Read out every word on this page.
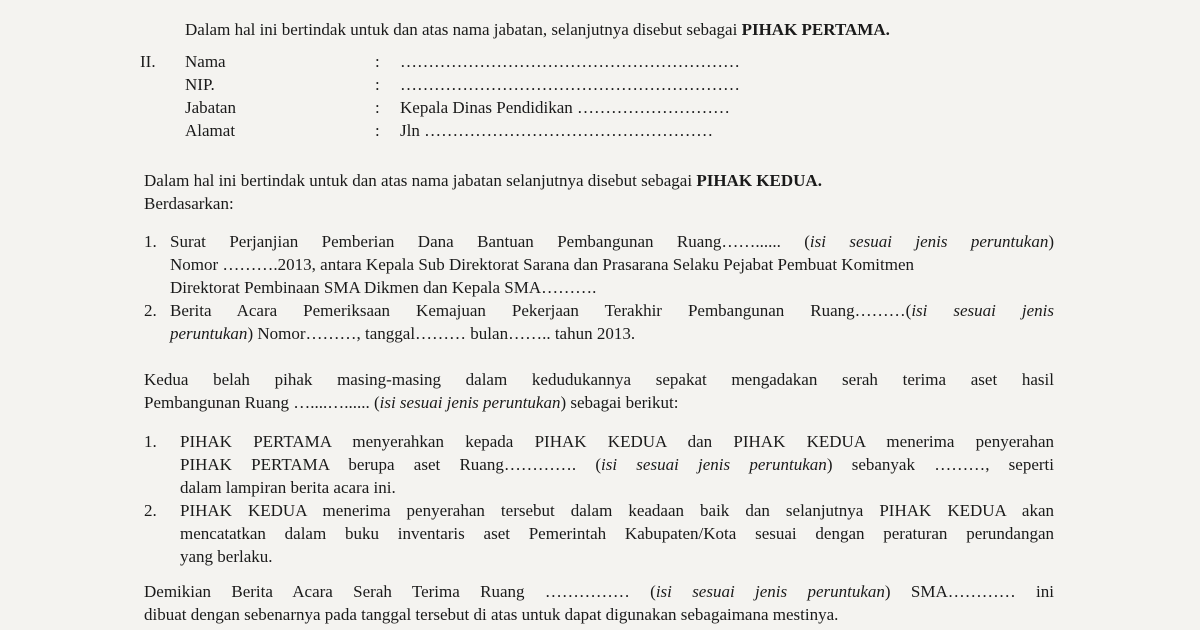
Dalam hal ini bertindak untuk dan atas nama jabatan, selanjutnya disebut sebagai PIHAK PERTAMA.
II. Nama	: ……………………………………………………
NIP.	: ……………………………………………………
Jabatan	: Kepala Dinas Pendidikan ………………………
Alamat	: Jln ……………………………………………
Dalam hal ini bertindak untuk dan atas nama jabatan selanjutnya disebut sebagai PIHAK KEDUA.
Berdasarkan:
1. Surat Perjanjian Pemberian Dana Bantuan Pembangunan Ruang……...... (isi sesuai jenis peruntukan)
Nomor ……….2013, antara Kepala Sub Direktorat Sarana dan Prasarana Selaku Pejabat Pembuat Komitmen
Direktorat Pembinaan SMA Dikmen dan Kepala SMA……….
2. Berita Acara Pemeriksaan Kemajuan Pekerjaan Terakhir Pembangunan Ruang………(isi sesuai jenis
peruntukan) Nomor………, tanggal……… bulan…….. tahun 2013.
Kedua belah pihak masing-masing dalam kedudukannya sepakat mengadakan serah terima aset hasil
Pembangunan Ruang …....…...... (isi sesuai jenis peruntukan) sebagai berikut:
1. PIHAK PERTAMA menyerahkan kepada PIHAK KEDUA dan PIHAK KEDUA menerima penyerahan
PIHAK PERTAMA berupa aset Ruang…………. (isi sesuai jenis peruntukan) sebanyak ………, seperti
dalam lampiran berita acara ini.
2. PIHAK KEDUA menerima penyerahan tersebut dalam keadaan baik dan selanjutnya PIHAK KEDUA akan
mencatatkan dalam buku inventaris aset Pemerintah Kabupaten/Kota sesuai dengan peraturan perundangan
yang berlaku.
Demikian Berita Acara Serah Terima Ruang …………… (isi sesuai jenis peruntukan) SMA………… ini
dibuat dengan sebenarnya pada tanggal tersebut di atas untuk dapat digunakan sebagaimana mestinya.
